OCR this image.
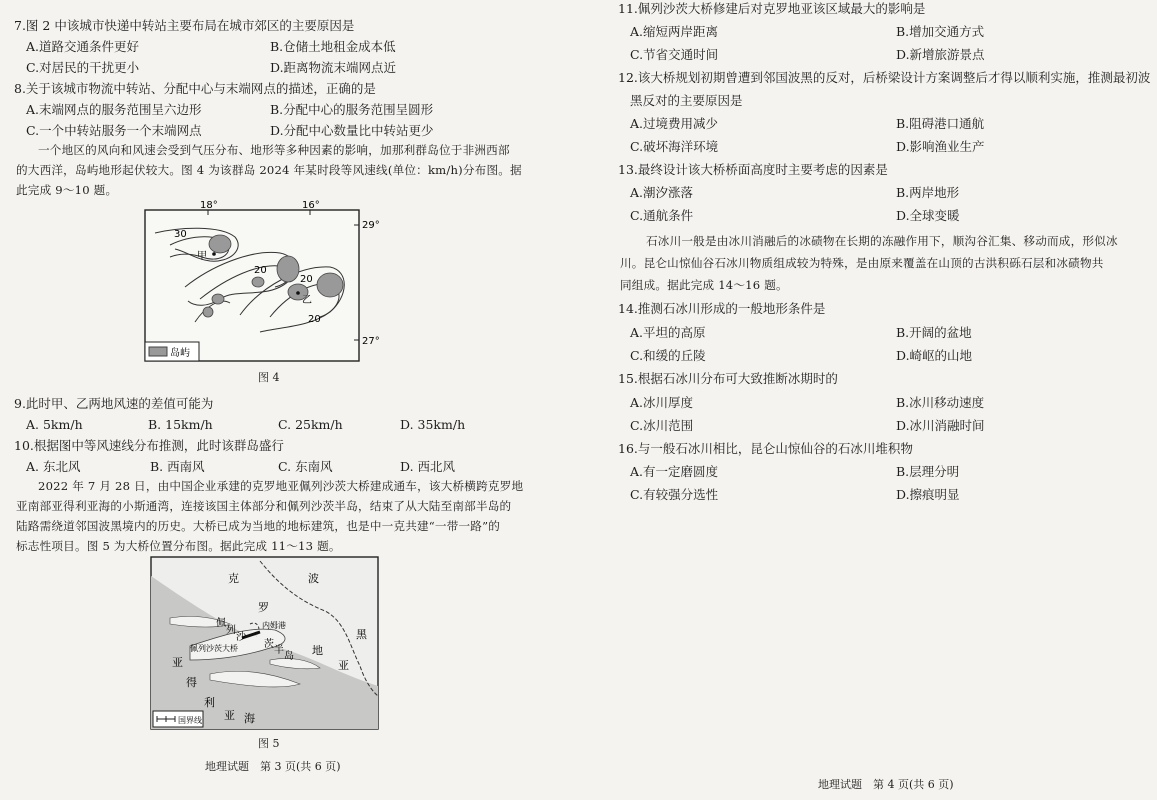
7.图 2 中该城市快递中转站主要布局在城市郊区的主要原因是
A.道路交通条件更好	B.仓储土地租金成本低
C.对居民的干扰更小	D.距离物流末端网点近
8.关于该城市物流中转站、分配中心与末端网点的描述，正确的是
A.末端网点的服务范围呈六边形	B.分配中心的服务范围呈圆形
C.一个中转站服务一个末端网点	D.分配中心数量比中转站更少
一个地区的风向和风速会受到气压分布、地形等多种因素的影响，加那利群岛位于非洲西部
的大西洋，岛屿地形起伏较大。图 4 为该群岛 2024 年某时段等风速线(单位：km/h)分布图。据
此完成 9～10 题。
18°	16°
29°
27°
30
20
20
20
甲
乙
岛屿
图 4
9.此时甲、乙两地风速的差值可能为
A. 5km/h	B. 15km/h	C. 25km/h	D. 35km/h
10.根据图中等风速线分布推测，此时该群岛盛行
A. 东北风	B. 西南风	C. 东南风	D. 西北风
2022 年 7 月 28 日，由中国企业承建的克罗地亚佩列沙茨大桥建成通车，该大桥横跨克罗地
亚南部亚得利亚海的小斯通湾，连接该国主体部分和佩列沙茨半岛，结束了从大陆至南部半岛的
陆路需绕道邻国波黑境内的历史。大桥已成为当地的地标建筑，也是中一克共建“一带一路”的
标志性项目。图 5 为大桥位置分布图。据此完成 11～13 题。
克	波
罗
黑
地
亚
得
利
亚 海
亚
佩
列
沙
茨
半
岛
佩列沙茨大桥
内姆港
国界线
图 5
地理试题　第 3 页(共 6 页)
11.佩列沙茨大桥修建后对克罗地亚该区域最大的影响是
A.缩短两岸距离	B.增加交通方式
C.节省交通时间	D.新增旅游景点
12.该大桥规划初期曾遭到邻国波黑的反对，后桥梁设计方案调整后才得以顺利实施，推测最初波
黑反对的主要原因是
A.过境费用减少	B.阻碍港口通航
C.破坏海洋环境	D.影响渔业生产
13.最终设计该大桥桥面高度时主要考虑的因素是
A.潮汐涨落	B.两岸地形
C.通航条件	D.全球变暖
石冰川一般是由冰川消融后的冰碛物在长期的冻融作用下，顺沟谷汇集、移动而成，形似冰
川。昆仑山惊仙谷石冰川物质组成较为特殊，是由原来覆盖在山顶的古洪积砾石层和冰碛物共
同组成。据此完成 14～16 题。
14.推测石冰川形成的一般地形条件是
A.平坦的高原	B.开阔的盆地
C.和缓的丘陵	D.崎岖的山地
15.根据石冰川分布可大致推断冰期时的
A.冰川厚度	B.冰川移动速度
C.冰川范围	D.冰川消融时间
16.与一般石冰川相比，昆仑山惊仙谷的石冰川堆积物
A.有一定磨圆度	B.层理分明
C.有较强分选性	D.擦痕明显
地理试题　第 4 页(共 6 页)
